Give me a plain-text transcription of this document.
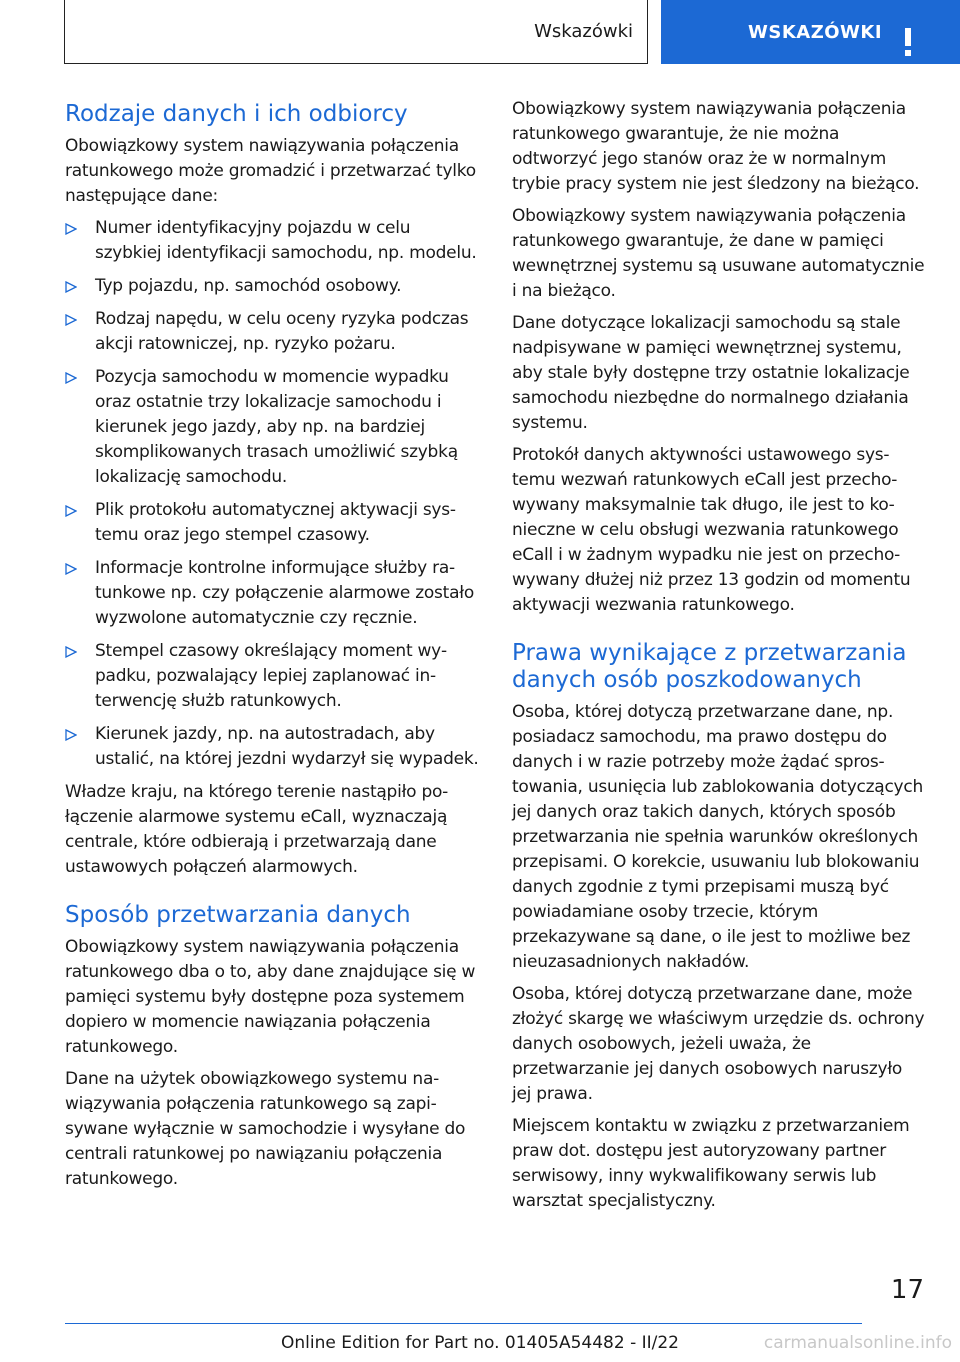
Wskazówki	WSKAZÓWKI
Rodzaje danych i ich odbiorcy

Obowiązkowy system nawiązywania połączenia ratunkowego może gromadzić i przetwarzać tylko następujące dane:

Numer identyfikacyjny pojazdu w celu szybkiej identyfikacji samochodu, np. modelu.
Typ pojazdu, np. samochód osobowy.
Rodzaj napędu, w celu oceny ryzyka podczas akcji ratowniczej, np. ryzyko pożaru.
Pozycja samochodu w momencie wypadku oraz ostatnie trzy lokalizacje samochodu i kierunek jego jazdy, aby np. na bardziej skomplikowanych trasach umożliwić szybką lokalizację samochodu.
Plik protokołu automatycznej aktywacji systemu oraz jego stempel czasowy.
Informacje kontrolne informujące służby ratunkowe np. czy połączenie alarmowe zostało wyzwolone automatycznie czy ręcznie.
Stempel czasowy określający moment wypadku, pozwalający lepiej zaplanować interwencję służb ratunkowych.
Kierunek jazdy, np. na autostradach, aby ustalić, na której jezdni wydarzył się wypadek.

Władze kraju, na którego terenie nastąpiło połączenie alarmowe systemu eCall, wyznaczają centrale, które odbierają i przetwarzają dane ustawowych połączeń alarmowych.

Sposób przetwarzania danych

Obowiązkowy system nawiązywania połączenia ratunkowego dba o to, aby dane znajdujące się w pamięci systemu były dostępne poza systemem dopiero w momencie nawiązania połączenia ratunkowego.

Dane na użytek obowiązkowego systemu nawiązywania połączenia ratunkowego są zapisywane wyłącznie w samochodzie i wysyłane do centrali ratunkowej po nawiązaniu połączenia ratunkowego.

Obowiązkowy system nawiązywania połączenia ratunkowego gwarantuje, że nie można odtworzyć jego stanów oraz że w normalnym trybie pracy system nie jest śledzony na bieżąco.

Obowiązkowy system nawiązywania połączenia ratunkowego gwarantuje, że dane w pamięci wewnętrznej systemu są usuwane automatycznie i na bieżąco.

Dane dotyczące lokalizacji samochodu są stale nadpisywane w pamięci wewnętrznej systemu, aby stale były dostępne trzy ostatnie lokalizacje samochodu niezbędne do normalnego działania systemu.

Protokół danych aktywności ustawowego systemu wezwań ratunkowych eCall jest przechowywany maksymalnie tak długo, ile jest to konieczne w celu obsługi wezwania ratunkowego eCall i w żadnym wypadku nie jest on przechowywany dłużej niż przez 13 godzin od momentu aktywacji wezwania ratunkowego.

Prawa wynikające z przetwarzania danych osób poszkodowanych

Osoba, której dotyczą przetwarzane dane, np. posiadacz samochodu, ma prawo dostępu do danych i w razie potrzeby może żądać sprostowania, usunięcia lub zablokowania dotyczących jej danych oraz takich danych, których sposób przetwarzania nie spełnia warunków określonych przepisami. O korekcie, usuwaniu lub blokowaniu danych zgodnie z tymi przepisami muszą być powiadamiane osoby trzecie, którym przekazywane są dane, o ile jest to możliwe bez nieuzasadnionych nakładów.

Osoba, której dotyczą przetwarzane dane, może złożyć skargę we właściwym urzędzie ds. ochrony danych osobowych, jeżeli uważa, że przetwarzanie jej danych osobowych naruszyło jej prawa.

Miejscem kontaktu w związku z przetwarzaniem praw dot. dostępu jest autoryzowany partner serwisowy, inny wykwalifikowany serwis lub warsztat specjalistyczny.

17
Online Edition for Part no. 01405A54482 - II/22	carmanualsonline.info
